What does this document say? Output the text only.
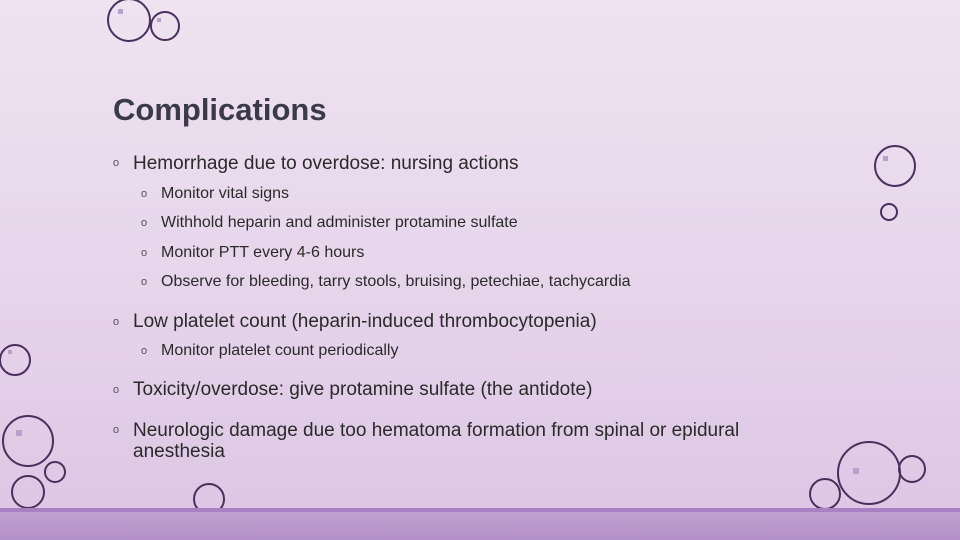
Complications
o Hemorrhage due to overdose: nursing actions

o Monitor vital signs

o Withhold heparin and administer protamine sulfate

o Monitor PTT every 4-6 hours

o Observe for bleeding, tarry stools, bruising, petechiae, tachycardia

o Low platelet count (heparin-induced thrombocytopenia)

o Monitor platelet count periodically

o Toxicity/overdose: give protamine sulfate (the antidote)

o Neurologic damage due too hematoma formation from spinal or epidural anesthesia
